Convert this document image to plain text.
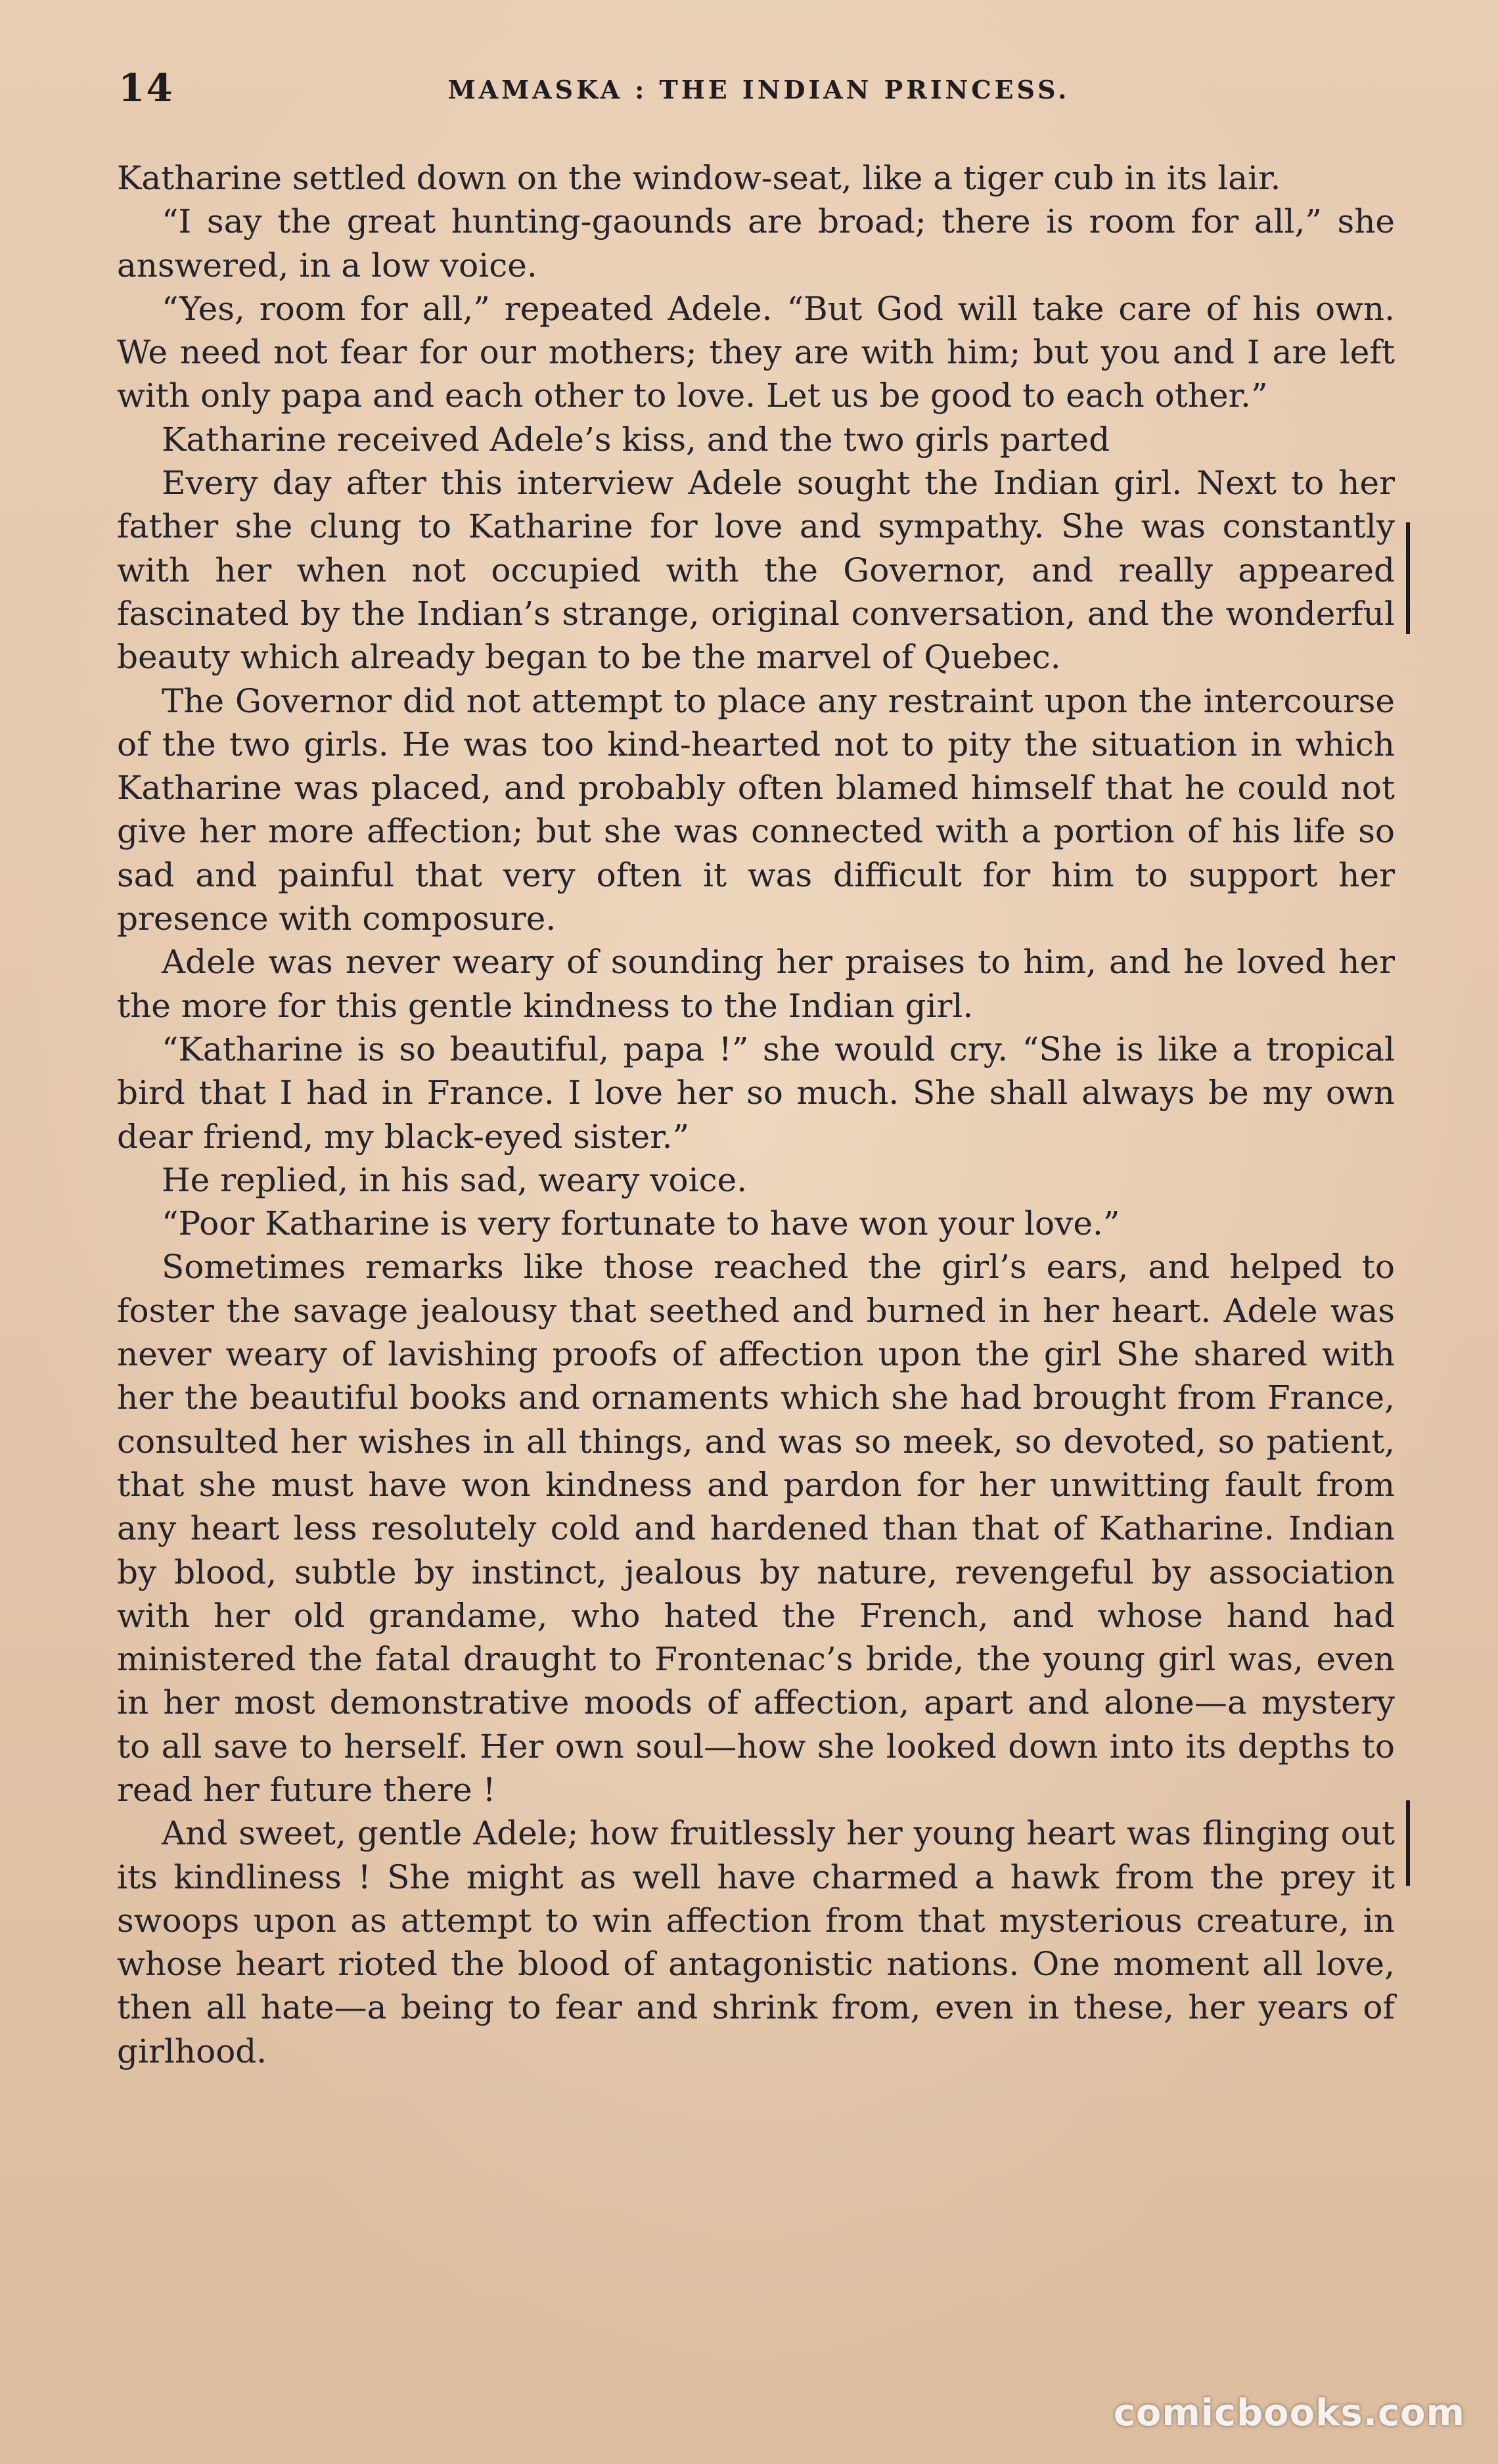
14	MAMASKA : THE INDIAN PRINCESS.

Katharine settled down on the window-seat, like a tiger cub in its lair.

“I say the great hunting-gaounds are broad; there is room for all,” she answered, in a low voice.

“Yes, room for all,” repeated Adele. “But God will take care of his own. We need not fear for our mothers; they are with him; but you and I are left with only papa and each other to love. Let us be good to each other.”

Katharine received Adele’s kiss, and the two girls parted

Every day after this interview Adele sought the Indian girl. Next to her father she clung to Katharine for love and sympathy. She was constantly with her when not occupied with the Governor, and really appeared fascinated by the Indian’s strange, original conversation, and the wonderful beauty which already began to be the marvel of Quebec.

The Governor did not attempt to place any restraint upon the intercourse of the two girls. He was too kind-hearted not to pity the situation in which Katharine was placed, and probably often blamed himself that he could not give her more affection; but she was connected with a portion of his life so sad and painful that very often it was difficult for him to support her presence with composure.

Adele was never weary of sounding her praises to him, and he loved her the more for this gentle kindness to the Indian girl.

“Katharine is so beautiful, papa !” she would cry. “She is like a tropical bird that I had in France. I love her so much. She shall always be my own dear friend, my black-eyed sister.”

He replied, in his sad, weary voice.

“Poor Katharine is very fortunate to have won your love.”

Sometimes remarks like those reached the girl’s ears, and helped to foster the savage jealousy that seethed and burned in her heart. Adele was never weary of lavishing proofs of affection upon the girl She shared with her the beautiful books and ornaments which she had brought from France, consulted her wishes in all things, and was so meek, so devoted, so patient, that she must have won kindness and pardon for her unwitting fault from any heart less resolutely cold and hardened than that of Katharine. Indian by blood, subtle by instinct, jealous by nature, revengeful by association with her old grandame, who hated the French, and whose hand had ministered the fatal draught to Frontenac’s bride, the young girl was, even in her most demonstrative moods of affection, apart and alone—a mystery to all save to herself. Her own soul—how she looked down into its depths to read her future there !

And sweet, gentle Adele; how fruitlessly her young heart was flinging out its kindliness ! She might as well have charmed a hawk from the prey it swoops upon as attempt to win affection from that mysterious creature, in whose heart rioted the blood of antagonistic nations. One moment all love, then all hate—a being to fear and shrink from, even in these, her years of girlhood.

comicbooks.com
